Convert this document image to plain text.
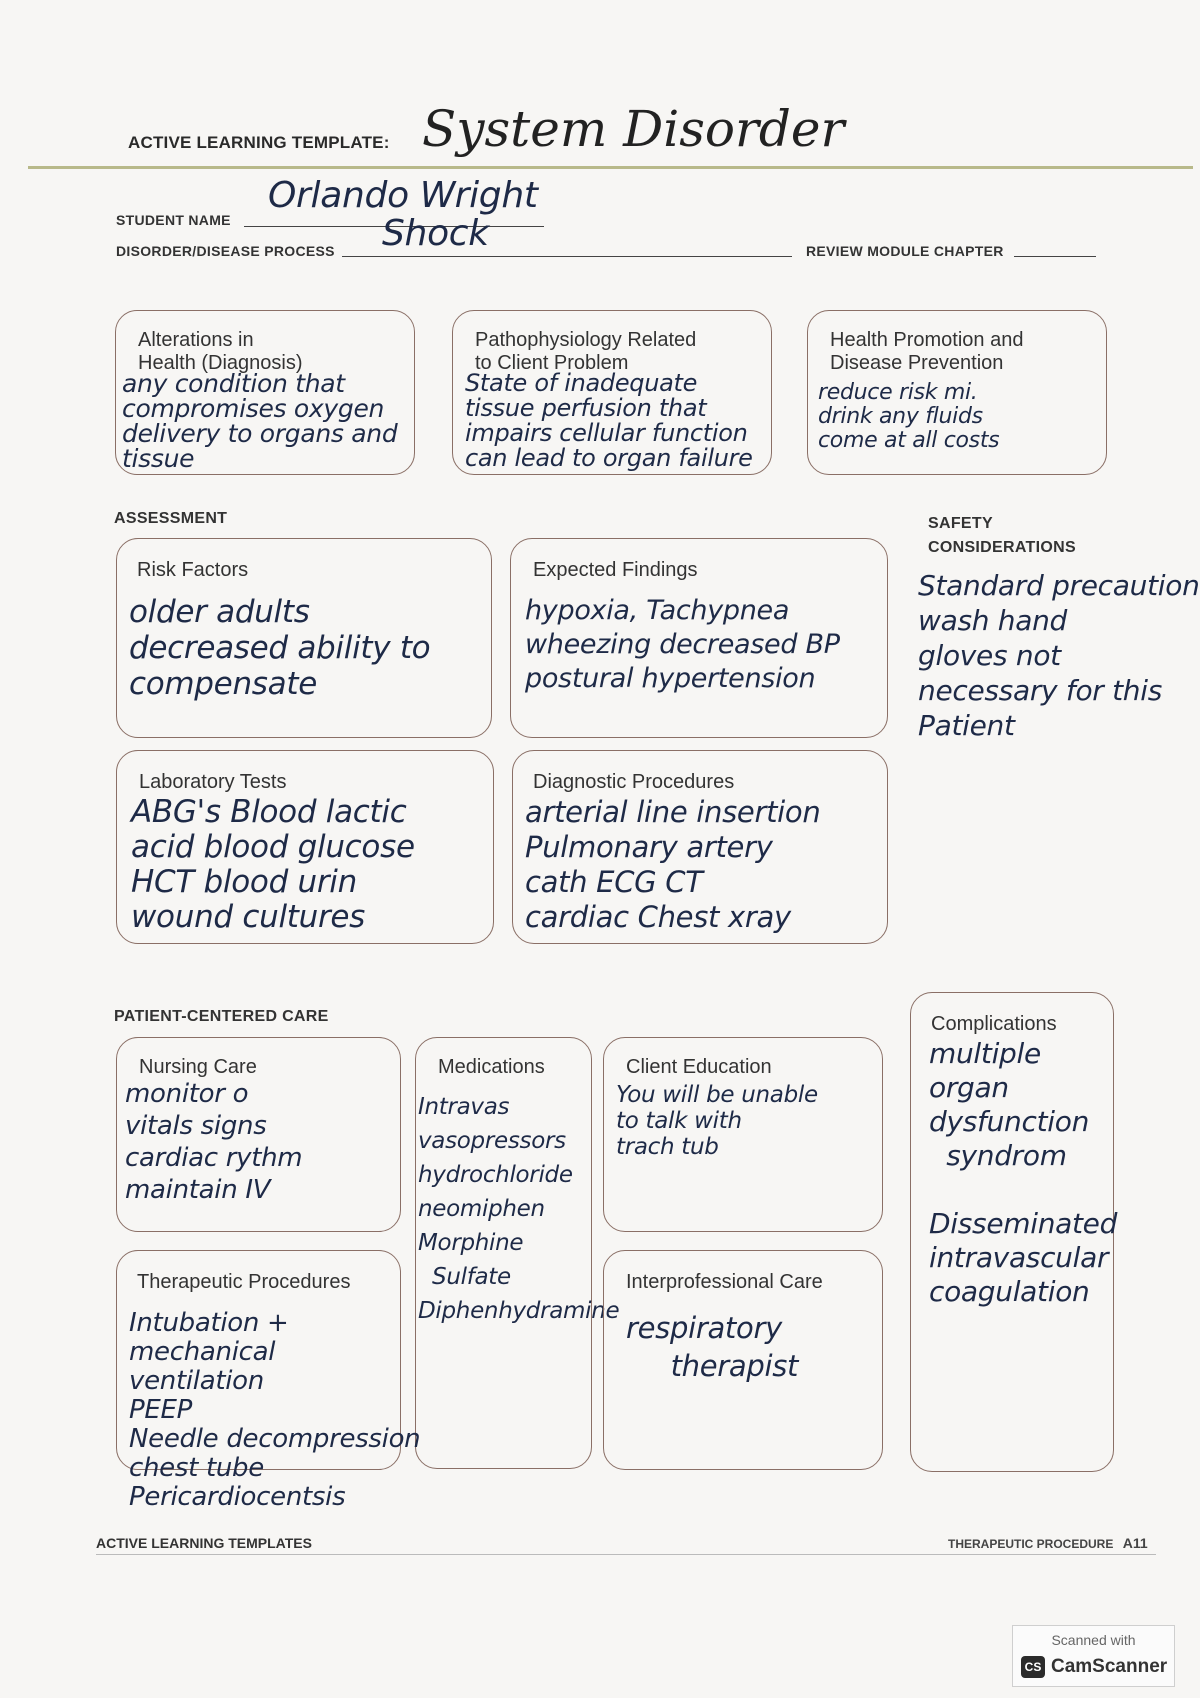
ACTIVE LEARNING TEMPLATE: System Disorder
STUDENT NAME
Orlando Wright
DISORDER/DISEASE PROCESS Shock	REVIEW MODULE CHAPTER
Alterations in
Health (Diagnosis)
any condition that
compromises oxygen
delivery to organs and
tissue
Pathophysiology Related
to Client Problem
State of inadequate
tissue perfusion that
impairs cellular function
can lead to organ failure
Health Promotion and
Disease Prevention
reduce risk mi.
drink any fluids
come at all costs
ASSESSMENT	SAFETY
CONSIDERATIONS
Standard precaution
wash hand
gloves not
necessary for this
Patient
Risk Factors
older adults
decreased ability to
compensate
Expected Findings
hypoxia, Tachypnea
wheezing decreased BP
postural hypertension
Laboratory Tests
ABG's Blood lactic
acid blood glucose
HCT blood urin
wound cultures
Diagnostic Procedures
arterial line insertion
Pulmonary artery
cath ECG CT
cardiac Chest xray
PATIENT-CENTERED CARE
Nursing Care
monitor o
vitals signs
cardiac rythm
maintain IV
Medications
Intravas
vasopressors
hydrochloride
neomiphen
Morphine
Sulfate
Diphenhydramine
Client Education
You will be unable
to talk with
trach tub
Therapeutic Procedures
Intubation +
mechanical
ventilation
PEEP
Needle decompression
chest tube
Pericardiocentsis
Interprofessional Care
respiratory
therapist
Complications
multiple
organ
dysfunction
syndrom

Disseminated
intravascular
coagulation
ACTIVE LEARNING TEMPLATES	THERAPEUTIC PROCEDURE A11
Scanned with
CS CamScanner
